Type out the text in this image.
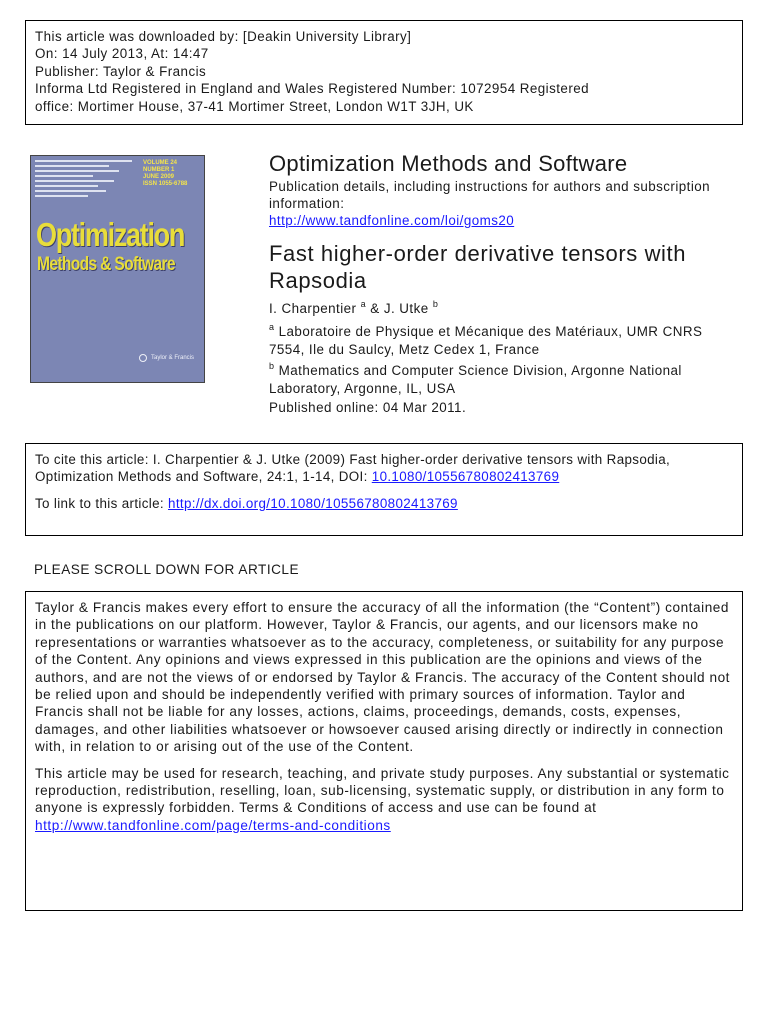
This article was downloaded by: [Deakin University Library]
On: 14 July 2013, At: 14:47
Publisher: Taylor & Francis
Informa Ltd Registered in England and Wales Registered Number: 1072954 Registered
office: Mortimer House, 37-41 Mortimer Street, London W1T 3JH, UK
VOLUME 24
NUMBER 1
JUNE 2009
ISSN 1055-6788
Optimization
Methods & Software
Taylor & Francis
Optimization Methods and Software
Publication details, including instructions for authors and subscription information:
http://www.tandfonline.com/loi/goms20
Fast higher-order derivative tensors with Rapsodia
I. Charpentier $^a$ & J. Utke $^b$
$^a$ Laboratoire de Physique et Mécanique des Matériaux, UMR CNRS 7554, Ile du Saulcy, Metz Cedex 1, France
$^b$ Mathematics and Computer Science Division, Argonne National Laboratory, Argonne, IL, USA
Published online: 04 Mar 2011.
To cite this article: I. Charpentier & J. Utke (2009) Fast higher-order derivative tensors with Rapsodia, Optimization Methods and Software, 24:1, 1-14, DOI: 10.1080/10556780802413769
To link to this article: http://dx.doi.org/10.1080/10556780802413769
PLEASE SCROLL DOWN FOR ARTICLE
Taylor & Francis makes every effort to ensure the accuracy of all the information (the “Content”) contained in the publications on our platform. However, Taylor & Francis, our agents, and our licensors make no representations or warranties whatsoever as to the accuracy, completeness, or suitability for any purpose of the Content. Any opinions and views expressed in this publication are the opinions and views of the authors, and are not the views of or endorsed by Taylor & Francis. The accuracy of the Content should not be relied upon and should be independently verified with primary sources of information. Taylor and Francis shall not be liable for any losses, actions, claims, proceedings, demands, costs, expenses, damages, and other liabilities whatsoever or howsoever caused arising directly or indirectly in connection with, in relation to or arising out of the use of the Content.
This article may be used for research, teaching, and private study purposes. Any substantial or systematic reproduction, redistribution, reselling, loan, sub-licensing, systematic supply, or distribution in any form to anyone is expressly forbidden. Terms & Conditions of access and use can be found at http://www.tandfonline.com/page/terms-and-conditions
